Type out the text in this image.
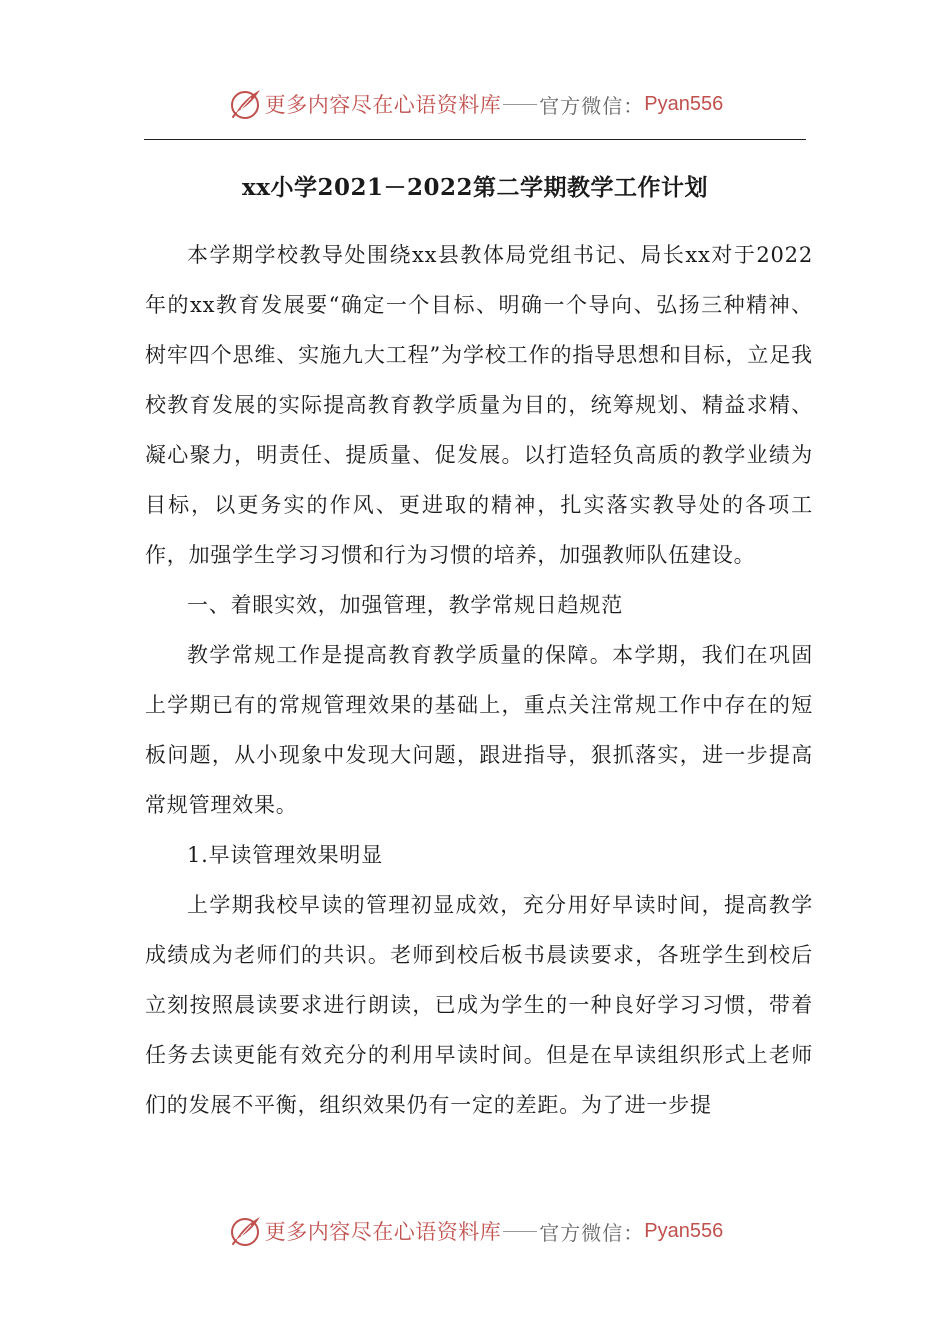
更多内容尽在心语资料库 官方微信： Pyan556
xx小学2021－2022第二学期教学工作计划

本学期学校教导处围绕xx县教体局党组书记、局长xx对于2022年的xx教育发展要“确定一个目标、明确一个导向、弘扬三种精神、树牢四个思维、实施九大工程”为学校工作的指导思想和目标，立足我校教育发展的实际提高教育教学质量为目的，统筹规划、精益求精、凝心聚力，明责任、提质量、促发展。以打造轻负高质的教学业绩为目标，以更务实的作风、更进取的精神，扎实落实教导处的各项工作，加强学生学习习惯和行为习惯的培养，加强教师队伍建设。

一、着眼实效，加强管理，教学常规日趋规范

教学常规工作是提高教育教学质量的保障。本学期，我们在巩固上学期已有的常规管理效果的基础上，重点关注常规工作中存在的短板问题，从小现象中发现大问题，跟进指导，狠抓落实，进一步提高常规管理效果。

1.早读管理效果明显

上学期我校早读的管理初显成效，充分用好早读时间，提高教学成绩成为老师们的共识。老师到校后板书晨读要求，各班学生到校后立刻按照晨读要求进行朗读，已成为学生的一种良好学习习惯，带着任务去读更能有效充分的利用早读时间。但是在早读组织形式上老师们的发展不平衡，组织效果仍有一定的差距。为了进一步提

更多内容尽在心语资料库 官方微信： Pyan556
